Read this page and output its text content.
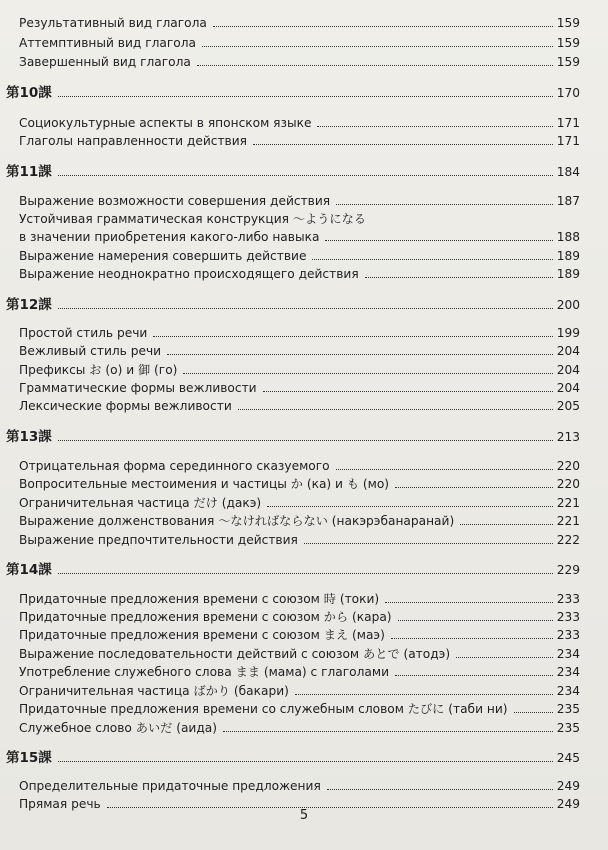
Результативный вид глагола	159
Аттемптивный вид глагола	159
Завершенный вид глагола	159
第10課	170
Социокультурные аспекты в японском языке	171
Глаголы направленности действия	171
第11課	184
Выражение возможности совершения действия	187
Устойчивая грамматическая конструкция ～ようになる
в значении приобретения какого-либо навыка	188
Выражение намерения совершить действие	189
Выражение неоднократно происходящего действия	189
第12課	200
Простой стиль речи	199
Вежливый стиль речи	204
Префиксы お (о) и 御 (го)	204
Грамматические формы вежливости	204
Лексические формы вежливости	205
第13課	213
Отрицательная форма серединного сказуемого	220
Вопросительные местоимения и частицы か (ка) и も (мо)	220
Ограничительная частица だけ (дакэ)	221
Выражение долженствования ～なければならない (накэрэбанаранай)	221
Выражение предпочтительности действия	222
第14課	229
Придаточные предложения времени с союзом 時 (токи)	233
Придаточные предложения времени с союзом から (кара)	233
Придаточные предложения времени с союзом まえ (маэ)	233
Выражение последовательности действий с союзом あとで (атодэ)	234
Употребление служебного слова まま (мама) с глаголами	234
Ограничительная частица ばかり (бакари)	234
Придаточные предложения времени со служебным словом たびに (таби ни)	235
Служебное слово あいだ (аида)	235
第15課	245
Определительные придаточные предложения	249
Прямая речь	249
5
